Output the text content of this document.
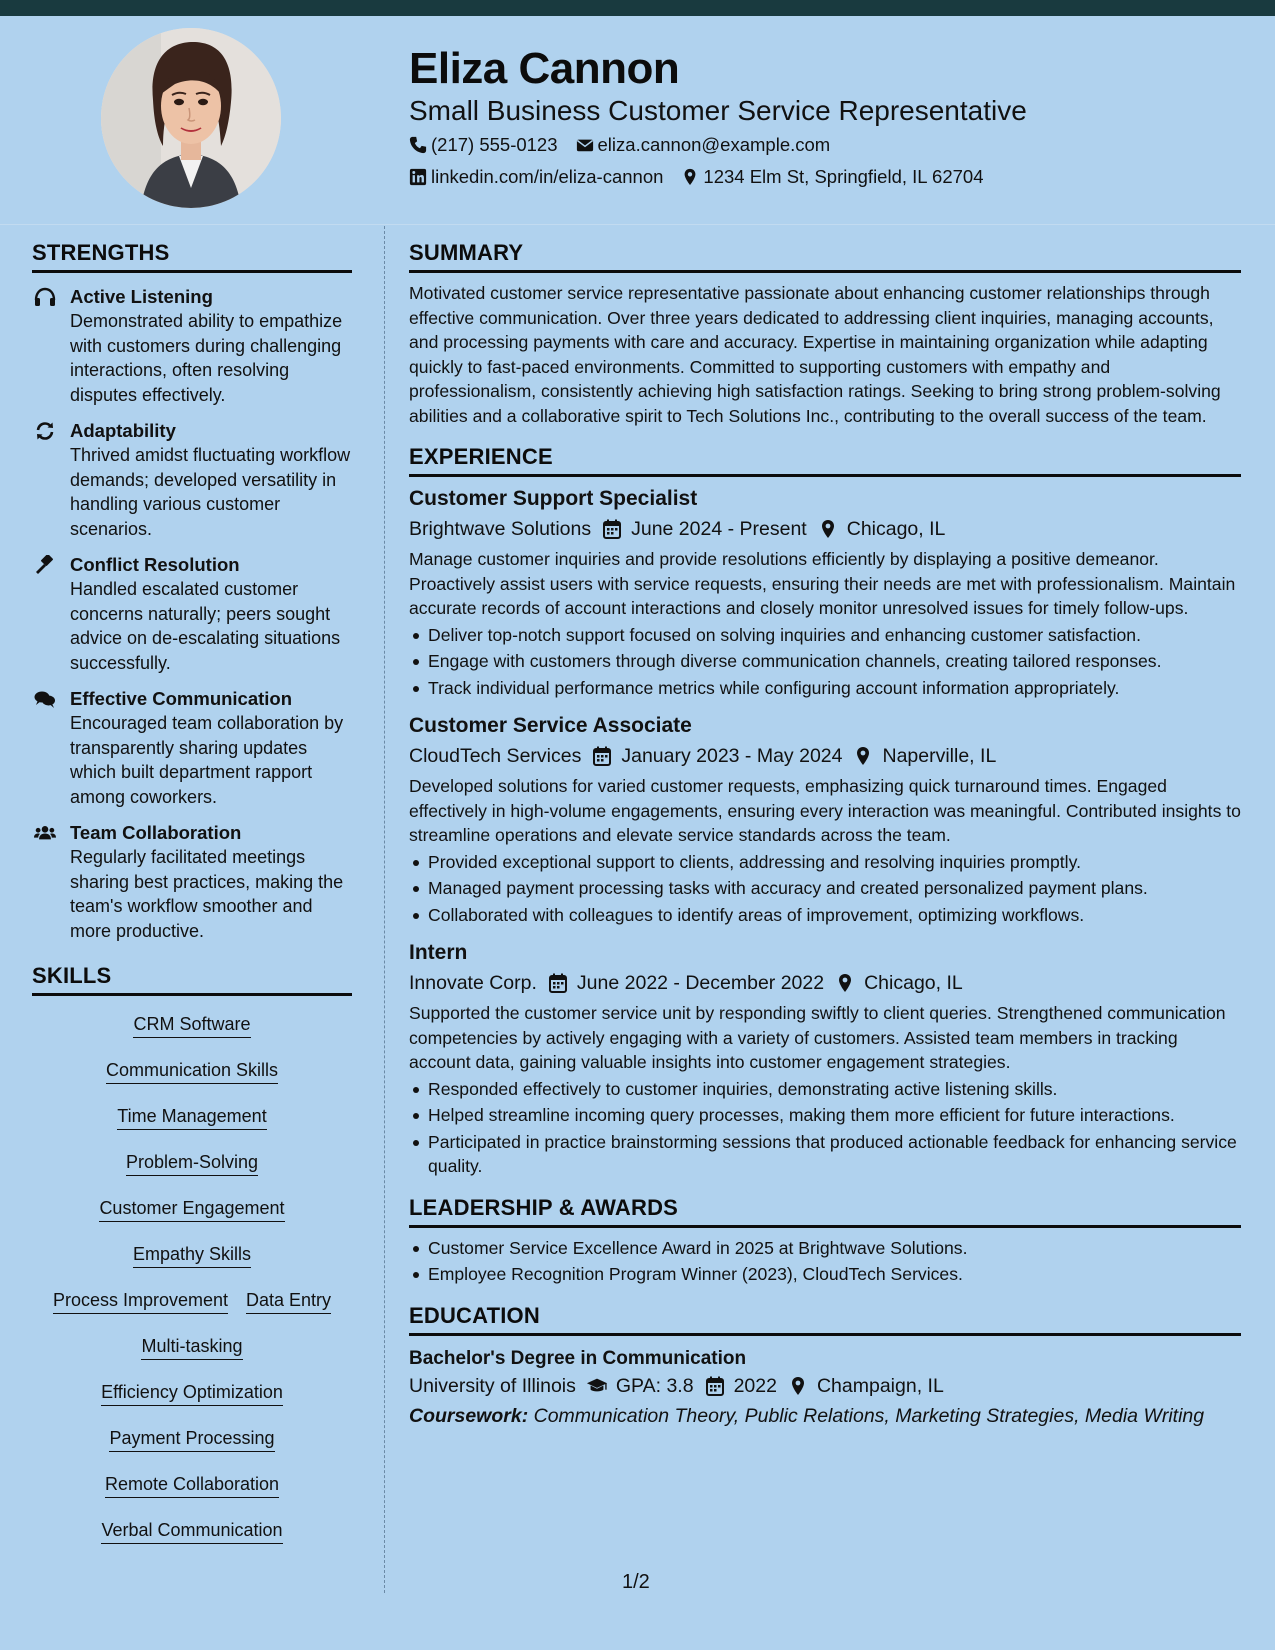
Eliza Cannon
Small Business Customer Service Representative
(217) 555-0123 eliza.cannon@example.com
linkedin.com/in/eliza-cannon 1234 Elm St, Springfield, IL 62704
STRENGTHS
Active Listening
Demonstrated ability to empathize with customers during challenging interactions, often resolving disputes effectively.
Adaptability
Thrived amidst fluctuating workflow demands; developed versatility in handling various customer scenarios.
Conflict Resolution
Handled escalated customer concerns naturally; peers sought advice on de-escalating situations successfully.
Effective Communication
Encouraged team collaboration by transparently sharing updates which built department rapport among coworkers.
Team Collaboration
Regularly facilitated meetings sharing best practices, making the team's workflow smoother and more productive.
SKILLS
CRM Software
Communication Skills
Time Management
Problem-Solving
Customer Engagement
Empathy Skills
Process Improvement Data Entry
Multi-tasking
Efficiency Optimization
Payment Processing
Remote Collaboration
Verbal Communication
SUMMARY
Motivated customer service representative passionate about enhancing customer relationships through effective communication. Over three years dedicated to addressing client inquiries, managing accounts, and processing payments with care and accuracy. Expertise in maintaining organization while adapting quickly to fast-paced environments. Committed to supporting customers with empathy and professionalism, consistently achieving high satisfaction ratings. Seeking to bring strong problem-solving abilities and a collaborative spirit to Tech Solutions Inc., contributing to the overall success of the team.
EXPERIENCE
Customer Support Specialist
Brightwave Solutions June 2024 - Present Chicago, IL
Manage customer inquiries and provide resolutions efficiently by displaying a positive demeanor. Proactively assist users with service requests, ensuring their needs are met with professionalism. Maintain accurate records of account interactions and closely monitor unresolved issues for timely follow-ups.
Deliver top-notch support focused on solving inquiries and enhancing customer satisfaction.
Engage with customers through diverse communication channels, creating tailored responses.
Track individual performance metrics while configuring account information appropriately.
Customer Service Associate
CloudTech Services January 2023 - May 2024 Naperville, IL
Developed solutions for varied customer requests, emphasizing quick turnaround times. Engaged effectively in high-volume engagements, ensuring every interaction was meaningful. Contributed insights to streamline operations and elevate service standards across the team.
Provided exceptional support to clients, addressing and resolving inquiries promptly.
Managed payment processing tasks with accuracy and created personalized payment plans.
Collaborated with colleagues to identify areas of improvement, optimizing workflows.
Intern
Innovate Corp. June 2022 - December 2022 Chicago, IL
Supported the customer service unit by responding swiftly to client queries. Strengthened communication competencies by actively engaging with a variety of customers. Assisted team members in tracking account data, gaining valuable insights into customer engagement strategies.
Responded effectively to customer inquiries, demonstrating active listening skills.
Helped streamline incoming query processes, making them more efficient for future interactions.
Participated in practice brainstorming sessions that produced actionable feedback for enhancing service quality.
LEADERSHIP & AWARDS
Customer Service Excellence Award in 2025 at Brightwave Solutions.
Employee Recognition Program Winner (2023), CloudTech Services.
EDUCATION
Bachelor's Degree in Communication
University of Illinois GPA: 3.8 2022 Champaign, IL
Coursework: Communication Theory, Public Relations, Marketing Strategies, Media Writing
1/2
